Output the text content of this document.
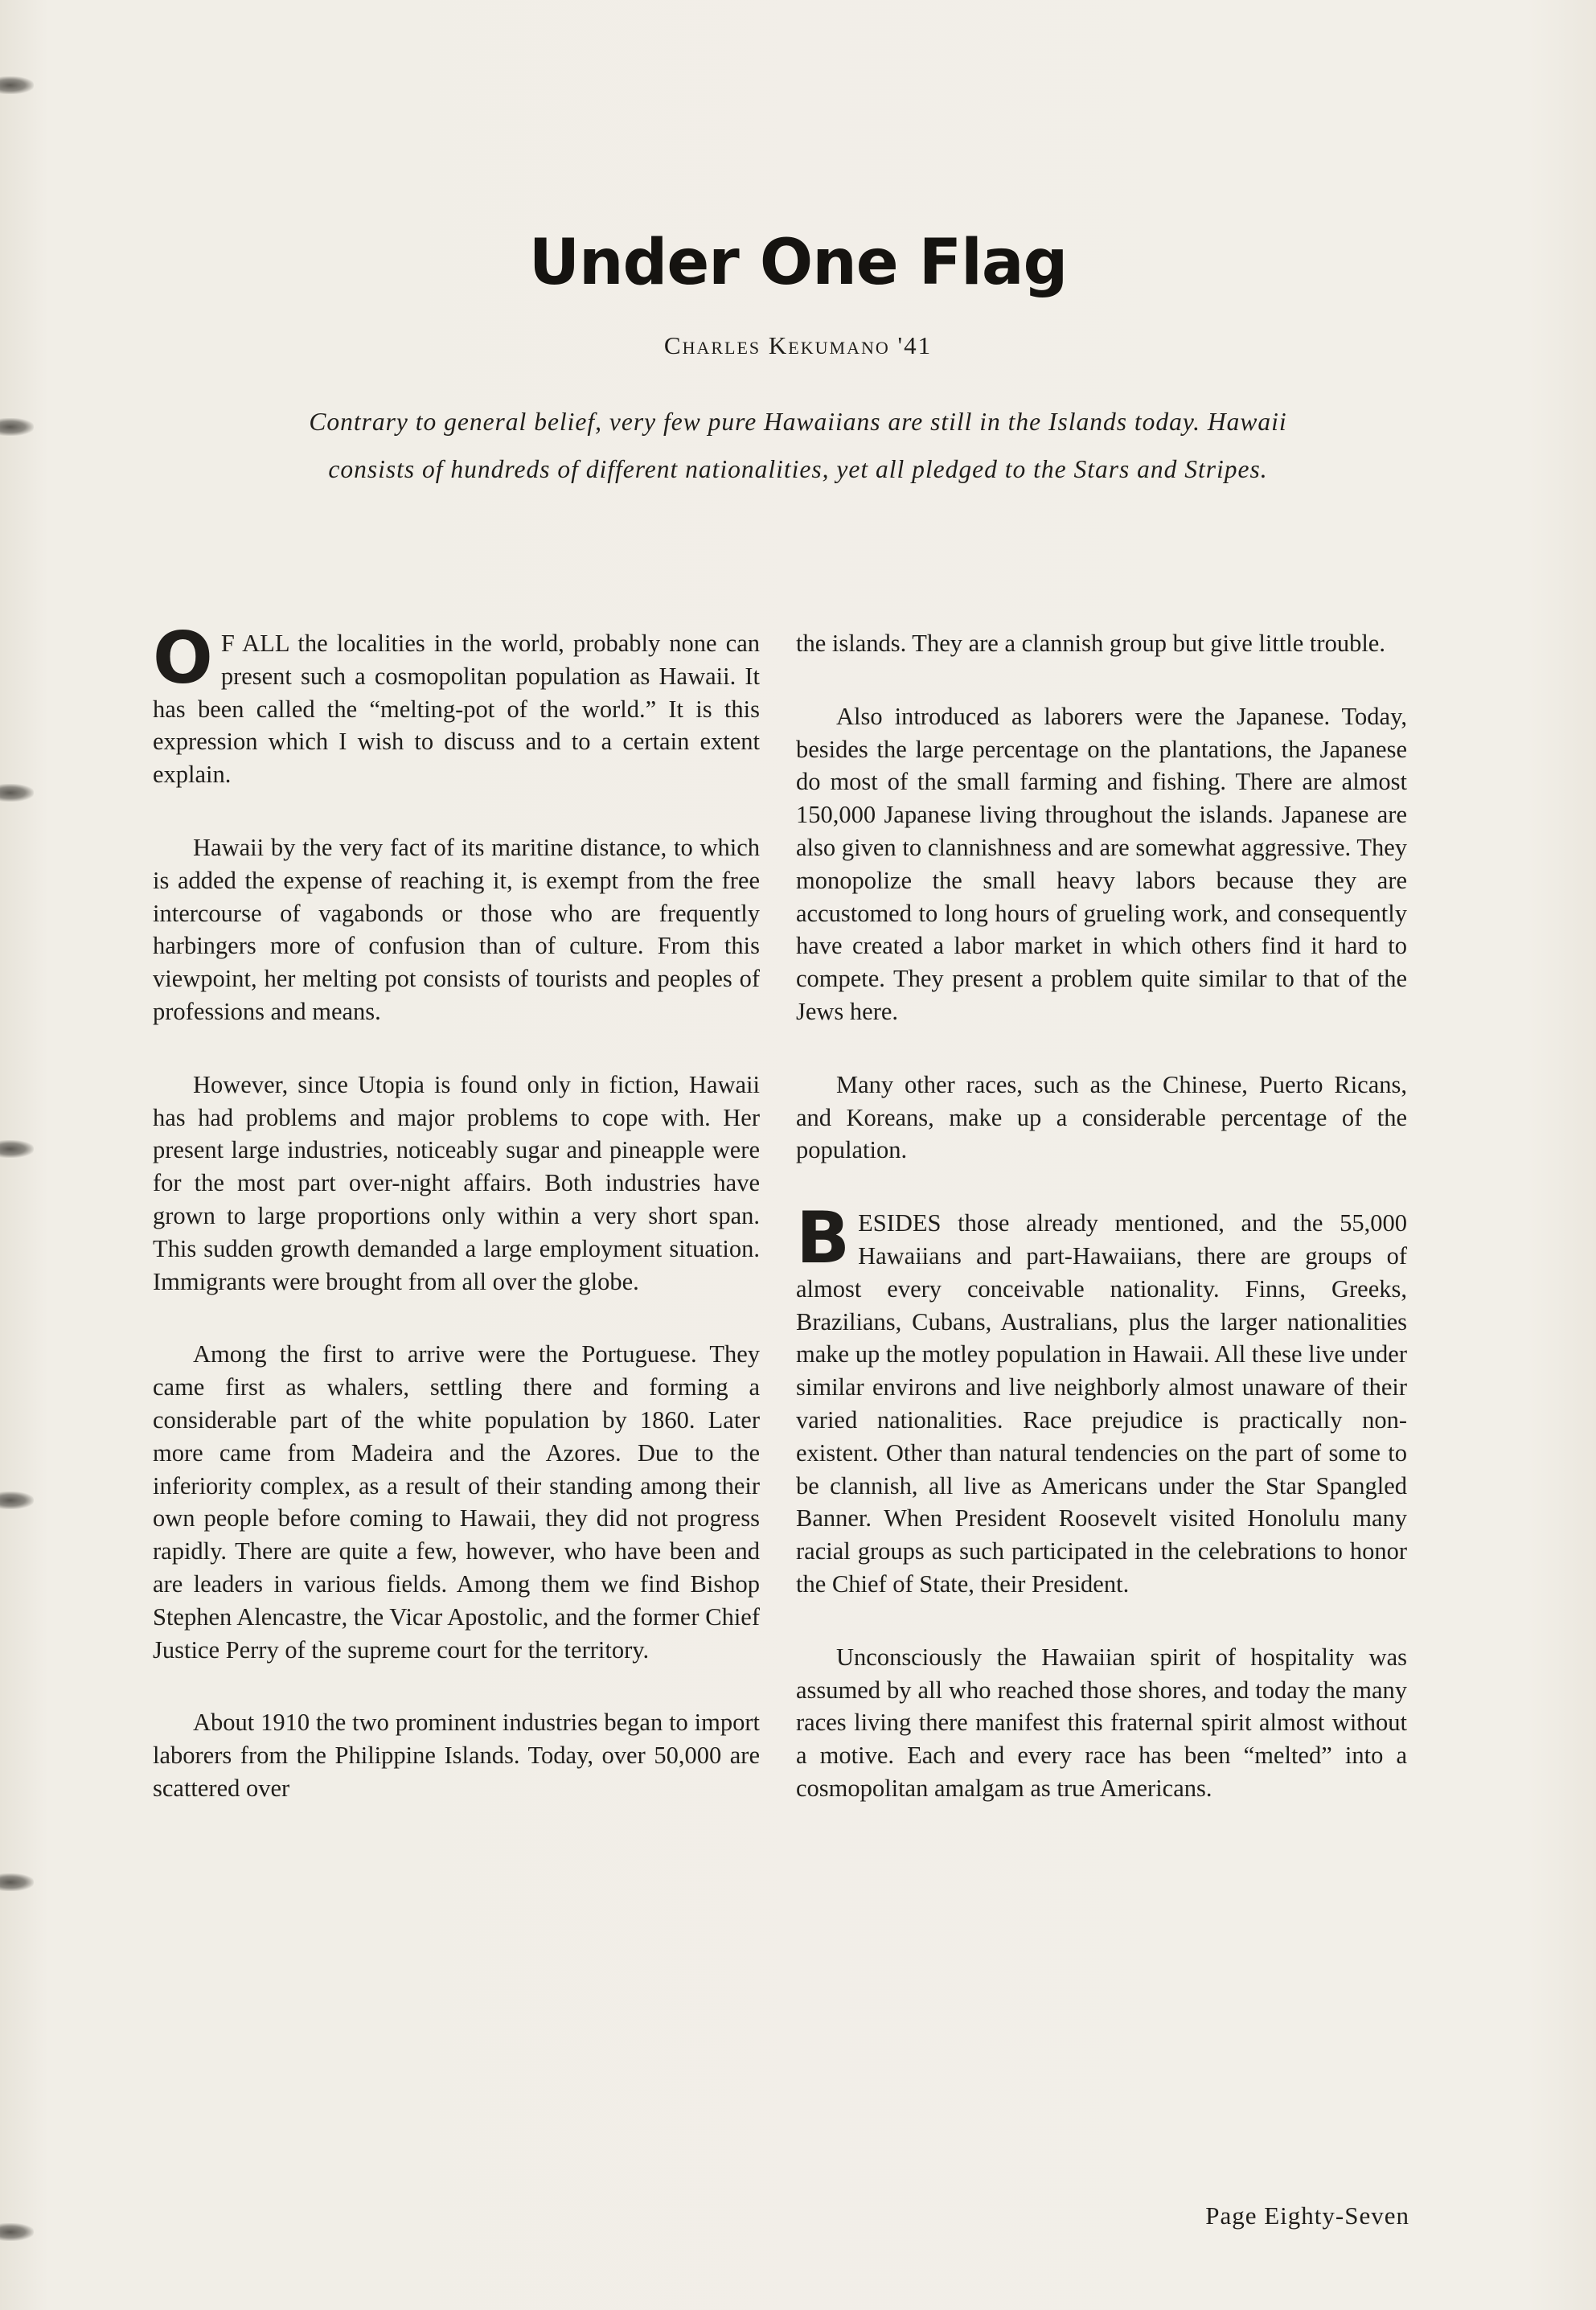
Under One Flag
Charles Kekumano '41
Contrary to general belief, very few pure Hawaiians are still in the Islands today. Hawaii consists of hundreds of different nationalities, yet all pledged to the Stars and Stripes.

O F ALL the localities in the world, probably none can present such a cosmopolitan population as Hawaii. It has been called the “melting-pot of the world.” It is this expression which I wish to discuss and to a certain extent explain.

Hawaii by the very fact of its maritine distance, to which is added the expense of reaching it, is exempt from the free intercourse of vagabonds or those who are frequently harbingers more of confusion than of culture. From this viewpoint, her melting pot consists of tourists and peoples of professions and means.

However, since Utopia is found only in fiction, Hawaii has had problems and major problems to cope with. Her present large industries, noticeably sugar and pineapple were for the most part over-night affairs. Both industries have grown to large proportions only within a very short span. This sudden growth demanded a large employment situation. Immigrants were brought from all over the globe.

Among the first to arrive were the Portuguese. They came first as whalers, settling there and forming a considerable part of the white population by 1860. Later more came from Madeira and the Azores. Due to the inferiority complex, as a result of their standing among their own people before coming to Hawaii, they did not progress rapidly. There are quite a few, however, who have been and are leaders in various fields. Among them we find Bishop Stephen Alencastre, the Vicar Apostolic, and the former Chief Justice Perry of the supreme court for the territory.

About 1910 the two prominent industries began to import laborers from the Philippine Islands. Today, over 50,000 are scattered over

the islands. They are a clannish group but give little trouble.

Also introduced as laborers were the Japanese. Today, besides the large percentage on the plantations, the Japanese do most of the small farming and fishing. There are almost 150,000 Japanese living throughout the islands. Japanese are also given to clannishness and are somewhat aggressive. They monopolize the small heavy labors because they are accustomed to long hours of grueling work, and consequently have created a labor market in which others find it hard to compete. They present a problem quite similar to that of the Jews here.

Many other races, such as the Chinese, Puerto Ricans, and Koreans, make up a considerable percentage of the population.

BESIDES those already mentioned, and the 55,000 Hawaiians and part-Hawaiians, there are groups of almost every conceivable nationality. Finns, Greeks, Brazilians, Cubans, Australians, plus the larger nationalities make up the motley population in Hawaii. All these live under similar environs and live neighborly almost unaware of their varied nationalities. Race prejudice is practically non-existent. Other than natural tendencies on the part of some to be clannish, all live as Americans under the Star Spangled Banner. When President Roosevelt visited Honolulu many racial groups as such participated in the celebrations to honor the Chief of State, their President.

Unconsciously the Hawaiian spirit of hospitality was assumed by all who reached those shores, and today the many races living there manifest this fraternal spirit almost without a motive. Each and every race has been “melted” into a cosmopolitan amalgam as true Americans.

Page Eighty-Seven
